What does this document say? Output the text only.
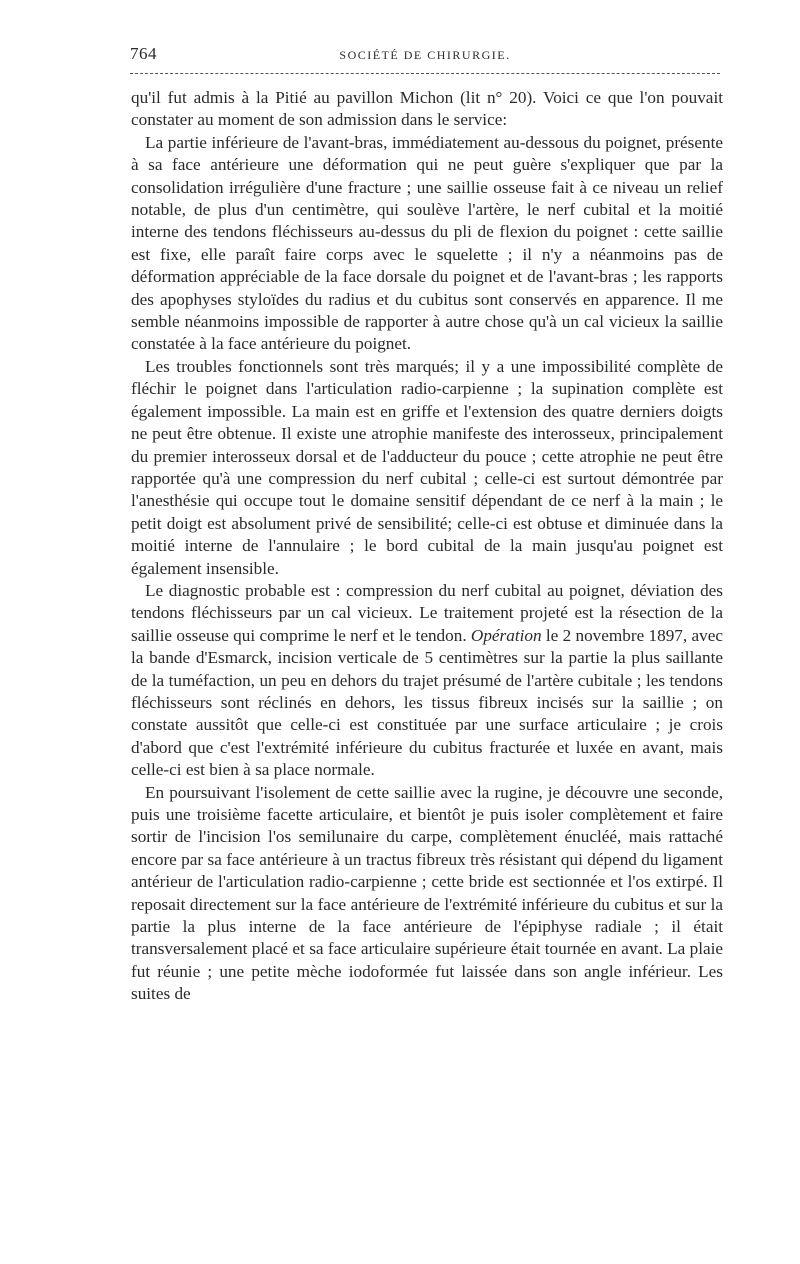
764	SOCIÉTÉ DE CHIRURGIE.

qu'il fut admis à la Pitié au pavillon Michon (lit n° 20). Voici ce que l'on pouvait constater au moment de son admission dans le service:

La partie inférieure de l'avant-bras, immédiatement au-dessous du poignet, présente à sa face antérieure une déformation qui ne peut guère s'expliquer que par la consolidation irrégulière d'une fracture ; une saillie osseuse fait à ce niveau un relief notable, de plus d'un centimètre, qui soulève l'artère, le nerf cubital et la moitié interne des tendons fléchisseurs au-dessus du pli de flexion du poignet : cette saillie est fixe, elle paraît faire corps avec le squelette ; il n'y a néanmoins pas de déformation appréciable de la face dorsale du poignet et de l'avant-bras ; les rapports des apophyses styloïdes du radius et du cubitus sont conservés en apparence. Il me semble néanmoins impossible de rapporter à autre chose qu'à un cal vicieux la saillie constatée à la face antérieure du poignet.

Les troubles fonctionnels sont très marqués; il y a une impossibilité complète de fléchir le poignet dans l'articulation radio-carpienne ; la supination complète est également impossible. La main est en griffe et l'extension des quatre derniers doigts ne peut être obtenue. Il existe une atrophie manifeste des interosseux, principalement du premier interosseux dorsal et de l'adducteur du pouce ; cette atrophie ne peut être rapportée qu'à une compression du nerf cubital ; celle-ci est surtout démontrée par l'anesthésie qui occupe tout le domaine sensitif dépendant de ce nerf à la main ; le petit doigt est absolument privé de sensibilité; celle-ci est obtuse et diminuée dans la moitié interne de l'annulaire ; le bord cubital de la main jusqu'au poignet est également insensible.

Le diagnostic probable est : compression du nerf cubital au poignet, déviation des tendons fléchisseurs par un cal vicieux. Le traitement projeté est la résection de la saillie osseuse qui comprime le nerf et le tendon. Opération le 2 novembre 1897, avec la bande d'Esmarck, incision verticale de 5 centimètres sur la partie la plus saillante de la tuméfaction, un peu en dehors du trajet présumé de l'artère cubitale ; les tendons fléchisseurs sont réclinés en dehors, les tissus fibreux incisés sur la saillie ; on constate aussitôt que celle-ci est constituée par une surface articulaire ; je crois d'abord que c'est l'extrémité inférieure du cubitus fracturée et luxée en avant, mais celle-ci est bien à sa place normale.

En poursuivant l'isolement de cette saillie avec la rugine, je découvre une seconde, puis une troisième facette articulaire, et bientôt je puis isoler complètement et faire sortir de l'incision l'os semilunaire du carpe, complètement énucléé, mais rattaché encore par sa face antérieure à un tractus fibreux très résistant qui dépend du ligament antérieur de l'articulation radio-carpienne ; cette bride est sectionnée et l'os extirpé. Il reposait directement sur la face antérieure de l'extrémité inférieure du cubitus et sur la partie la plus interne de la face antérieure de l'épiphyse radiale ; il était transversalement placé et sa face articulaire supérieure était tournée en avant. La plaie fut réunie ; une petite mèche iodoformée fut laissée dans son angle inférieur. Les suites de
